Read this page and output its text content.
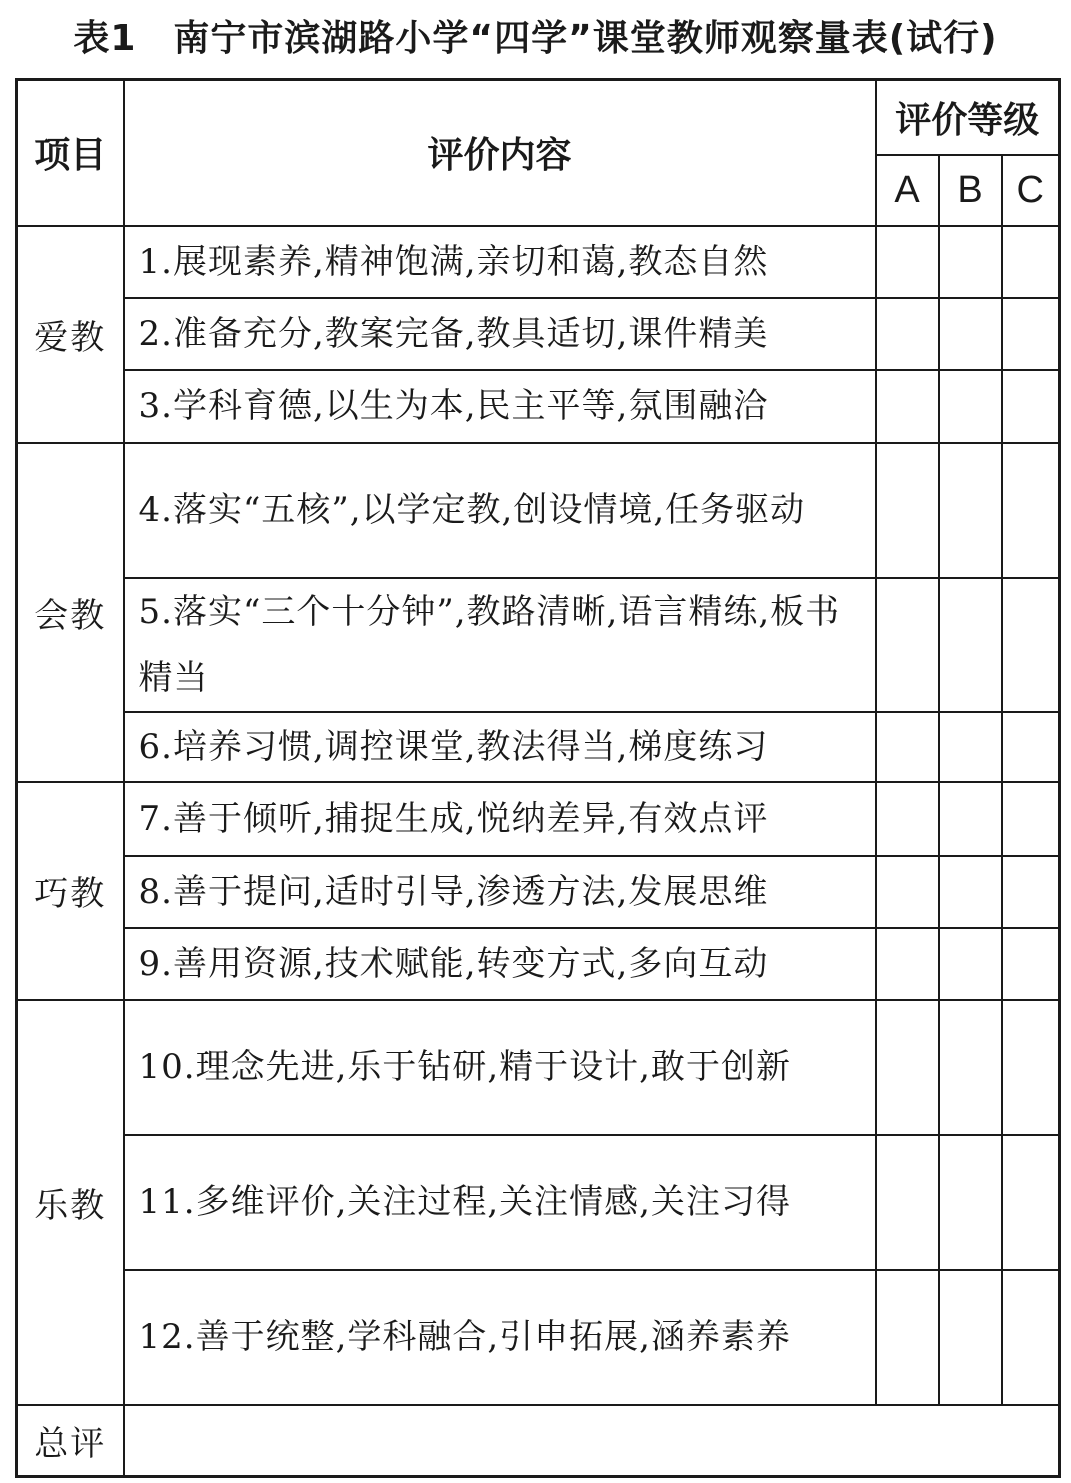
表1　南宁市滨湖路小学“四学”课堂教师观察量表(试行)
项目	评价内容	评价等级		
		A	B	C
爱教	1.展现素养,精神饱满,亲切和蔼,教态自然			
	2.准备充分,教案完备,教具适切,课件精美			
	3.学科育德,以生为本,民主平等,氛围融洽			
会教	4.落实“五核”,以学定教,创设情境,任务驱动			
	5.落实“三个十分钟”,教路清晰,语言精练,板书精当			
	6.培养习惯,调控课堂,教法得当,梯度练习			
巧教	7.善于倾听,捕捉生成,悦纳差异,有效点评			
	8.善于提问,适时引导,渗透方法,发展思维			
	9.善用资源,技术赋能,转变方式,多向互动			
乐教	10.理念先进,乐于钻研,精于设计,敢于创新			
	11.多维评价,关注过程,关注情感,关注习得			
	12.善于统整,学科融合,引申拓展,涵养素养			
总评				
